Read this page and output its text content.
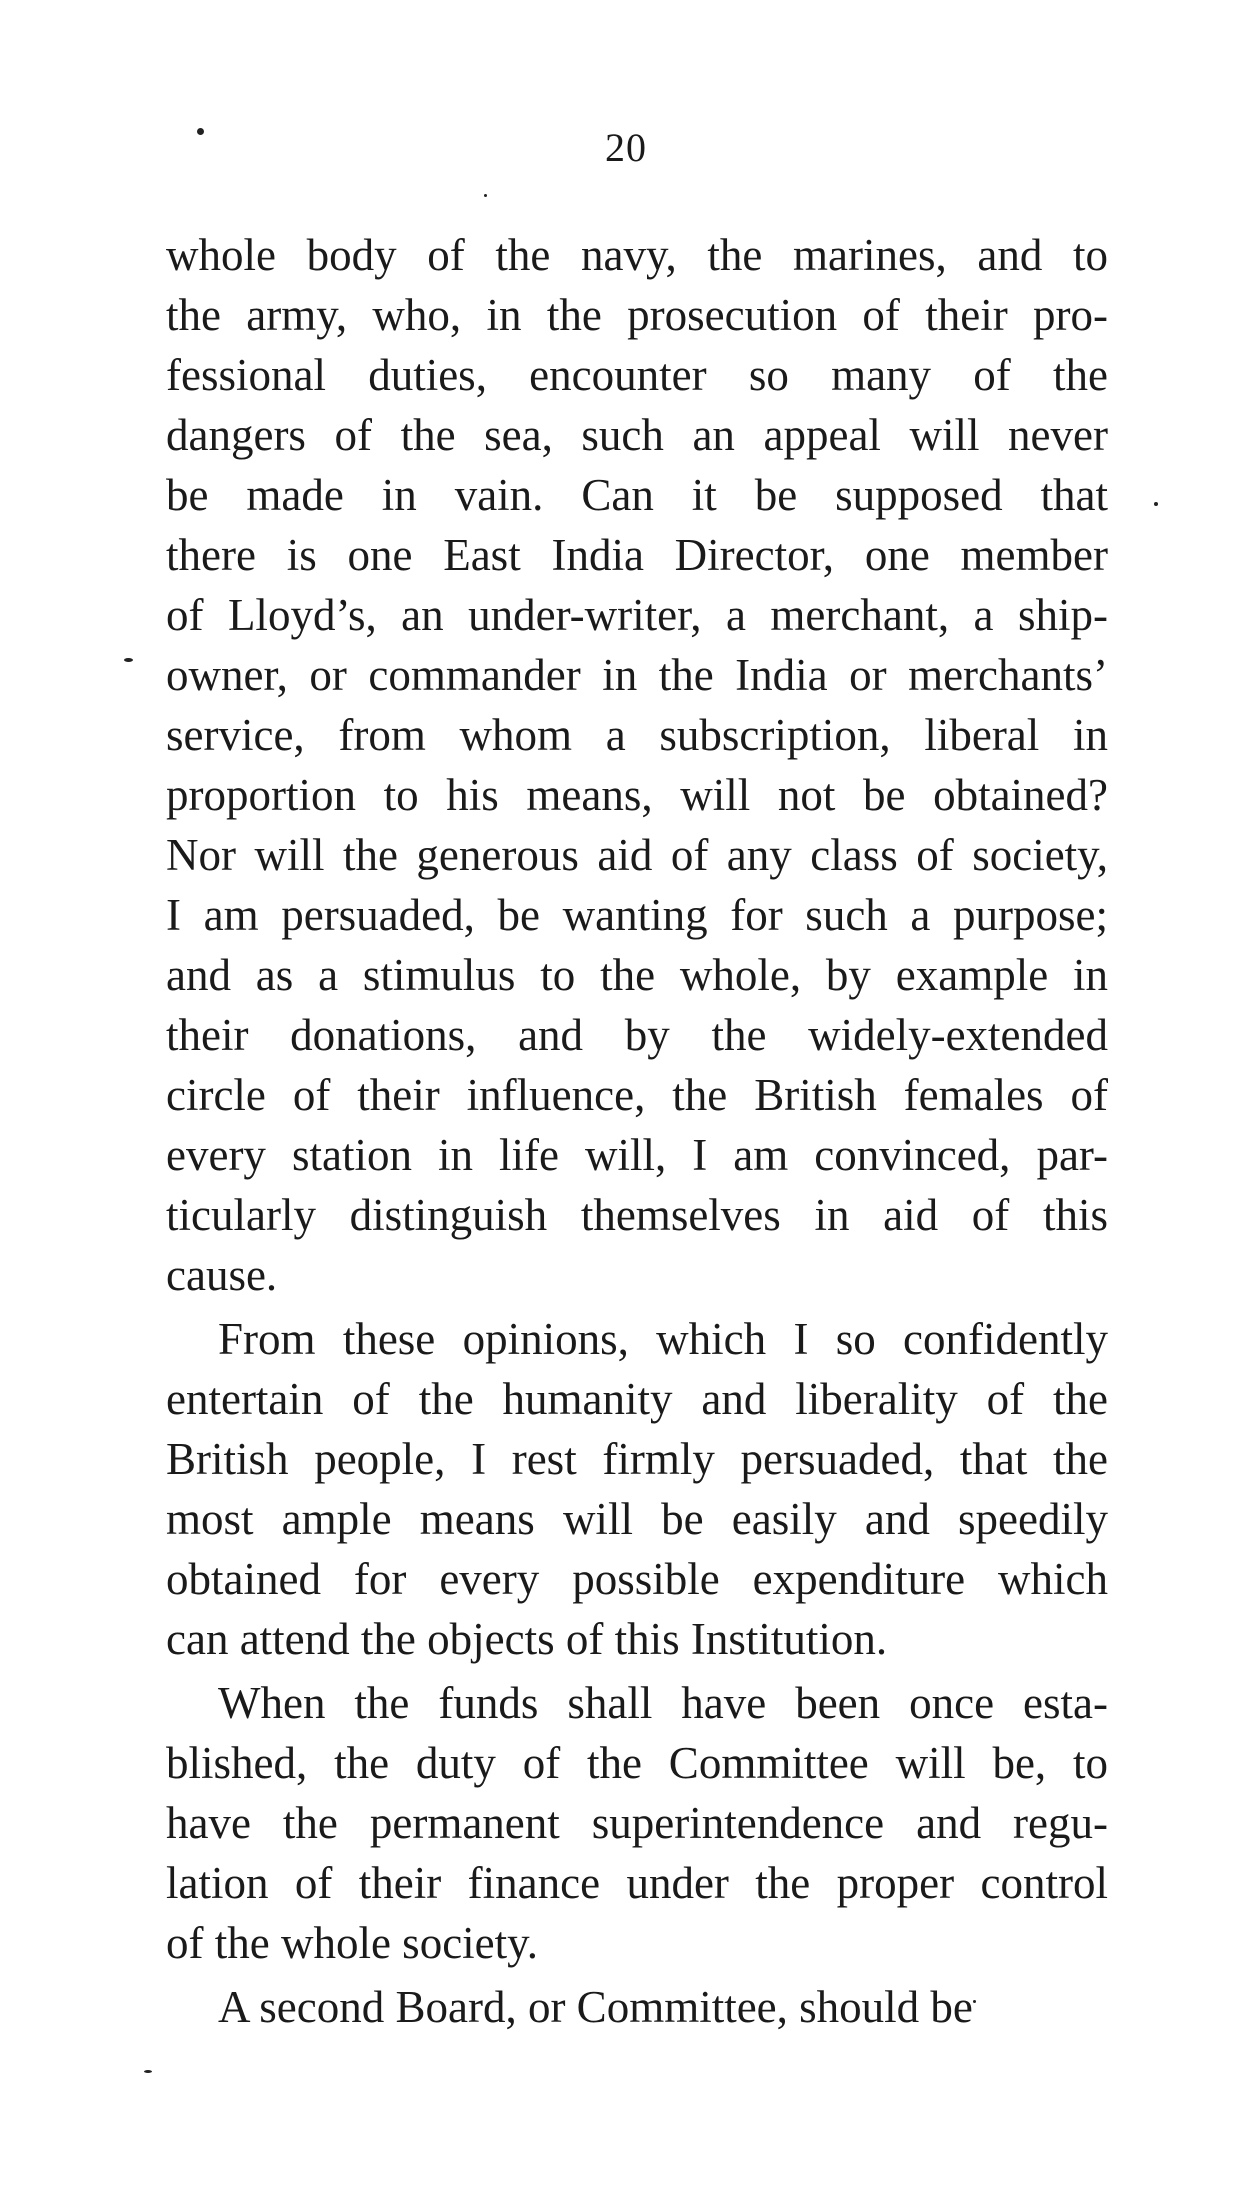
20
whole body of the navy, the marines, and to
the army, who, in the prosecution of their pro-
fessional duties, encounter so many of the
dangers of the sea, such an appeal will never
be made in vain. Can it be supposed that
there is one East India Director, one member
of Lloyd’s, an under-writer, a merchant, a ship-
owner, or commander in the India or merchants’
service, from whom a subscription, liberal in
proportion to his means, will not be obtained?
Nor will the generous aid of any class of society,
I am persuaded, be wanting for such a purpose;
and as a stimulus to the whole, by example in
their donations, and by the widely-extended
circle of their influence, the British females of
every station in life will, I am convinced, par-
ticularly distinguish themselves in aid of this
cause.
From these opinions, which I so confidently
entertain of the humanity and liberality of the
British people, I rest firmly persuaded, that the
most ample means will be easily and speedily
obtained for every possible expenditure which
can attend the objects of this Institution.
When the funds shall have been once esta-
blished, the duty of the Committee will be, to
have the permanent superintendence and regu-
lation of their finance under the proper control
of the whole society.
A second Board, or Committee, should be
